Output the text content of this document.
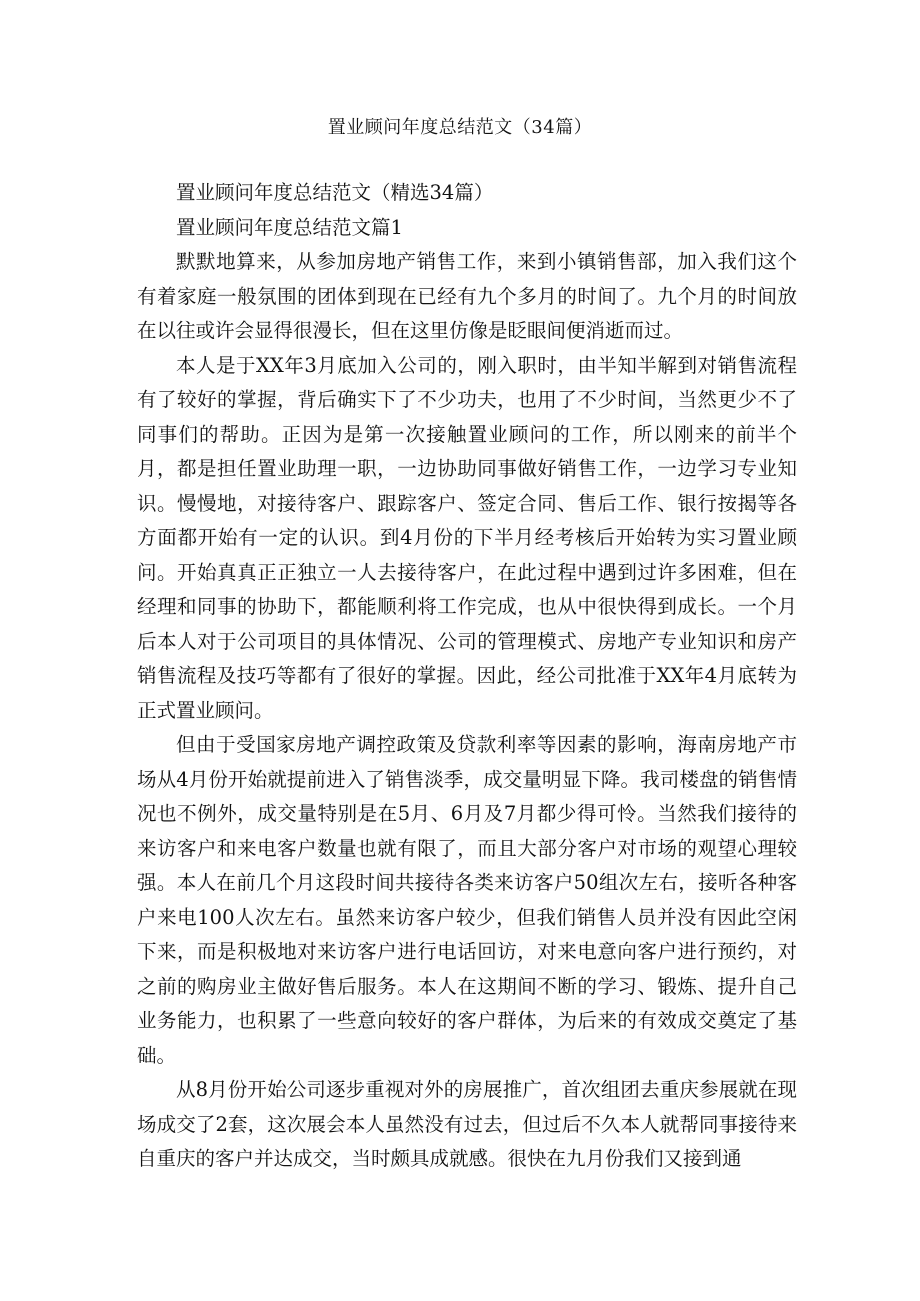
置业顾问年度总结范文（34篇）

置业顾问年度总结范文（精选34篇）

置业顾问年度总结范文篇1

默默地算来，从参加房地产销售工作，来到小镇销售部，加入我们这个有着家庭一般氛围的团体到现在已经有九个多月的时间了。九个月的时间放在以往或许会显得很漫长，但在这里仿像是眨眼间便消逝而过。

本人是于XX年3月底加入公司的，刚入职时，由半知半解到对销售流程有了较好的掌握，背后确实下了不少功夫，也用了不少时间，当然更少不了同事们的帮助。正因为是第一次接触置业顾问的工作，所以刚来的前半个月，都是担任置业助理一职，一边协助同事做好销售工作，一边学习专业知识。慢慢地，对接待客户、跟踪客户、签定合同、售后工作、银行按揭等各方面都开始有一定的认识。到4月份的下半月经考核后开始转为实习置业顾问。开始真真正正独立一人去接待客户，在此过程中遇到过许多困难，但在经理和同事的协助下，都能顺利将工作完成，也从中很快得到成长。一个月后本人对于公司项目的具体情况、公司的管理模式、房地产专业知识和房产销售流程及技巧等都有了很好的掌握。因此，经公司批准于XX年4月底转为正式置业顾问。

但由于受国家房地产调控政策及贷款利率等因素的影响，海南房地产市场从4月份开始就提前进入了销售淡季，成交量明显下降。我司楼盘的销售情况也不例外，成交量特别是在5月、6月及7月都少得可怜。当然我们接待的来访客户和来电客户数量也就有限了，而且大部分客户对市场的观望心理较强。本人在前几个月这段时间共接待各类来访客户50组次左右，接听各种客户来电100人次左右。虽然来访客户较少，但我们销售人员并没有因此空闲下来，而是积极地对来访客户进行电话回访，对来电意向客户进行预约，对之前的购房业主做好售后服务。本人在这期间不断的学习、锻炼、提升自己业务能力，也积累了一些意向较好的客户群体，为后来的有效成交奠定了基础。

从8月份开始公司逐步重视对外的房展推广，首次组团去重庆参展就在现场成交了2套，这次展会本人虽然没有过去，但过后不久本人就帮同事接待来自重庆的客户并达成交，当时颇具成就感。很快在九月份我们又接到通
